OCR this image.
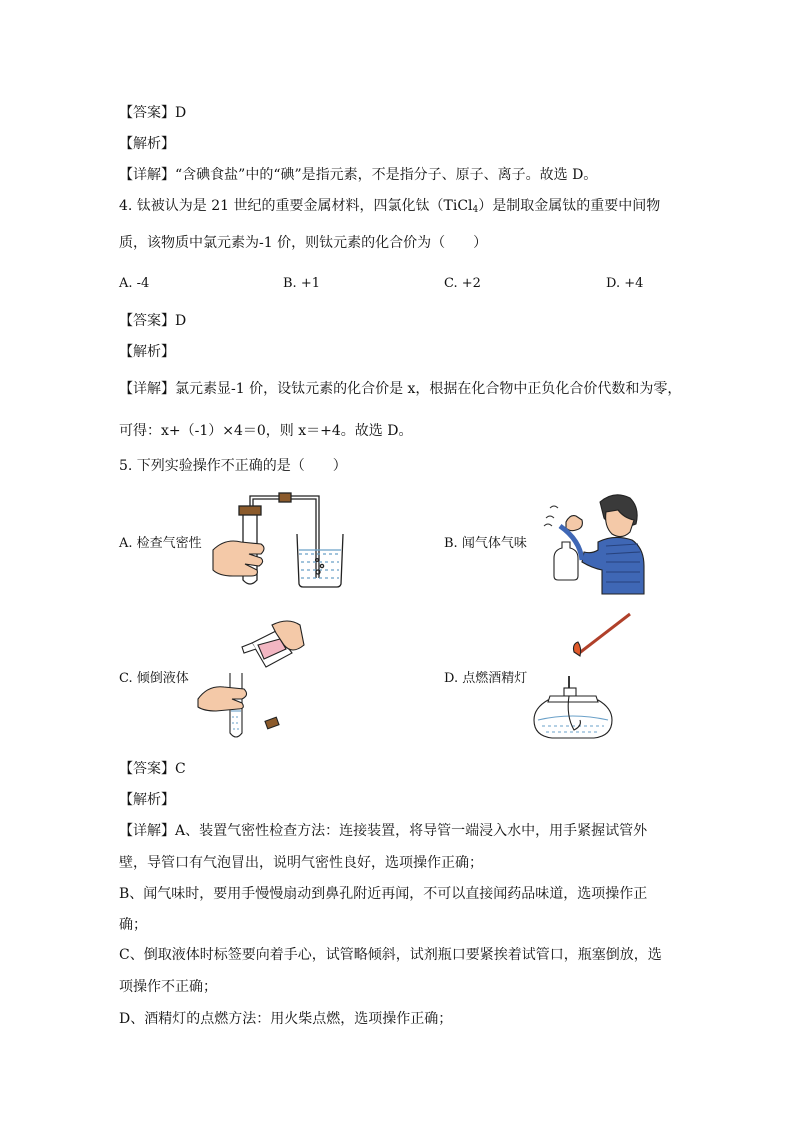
【答案】D
【解析】
【详解】“含碘食盐”中的“碘”是指元素，不是指分子、原子、离子。故选 D。
4. 钛被认为是 21 世纪的重要金属材料，四氯化钛（TiCl$_4$）是制取金属钛的重要中间物
质，该物质中氯元素为-1 价，则钛元素的化合价为（　　）
A. -4	B. +1	C. +2	D. +4
【答案】D
【解析】
【详解】氯元素显-1 价，设钛元素的化合价是 x，根据在化合物中正负化合价代数和为零，
可得：x+（-1）×4＝0，则 x＝+4。故选 D。
5. 下列实验操作不正确的是（　　）
A. 检查气密性	B. 闻气体气味
C. 倾倒液体	D. 点燃酒精灯
【答案】C
【解析】
【详解】A、装置气密性检查方法：连接装置，将导管一端浸入水中，用手紧握试管外
壁，导管口有气泡冒出，说明气密性良好，选项操作正确；
B、闻气味时，要用手慢慢扇动到鼻孔附近再闻，不可以直接闻药品味道，选项操作正
确；
C、倒取液体时标签要向着手心，试管略倾斜，试剂瓶口要紧挨着试管口，瓶塞倒放，选
项操作不正确；
D、酒精灯的点燃方法：用火柴点燃，选项操作正确；
